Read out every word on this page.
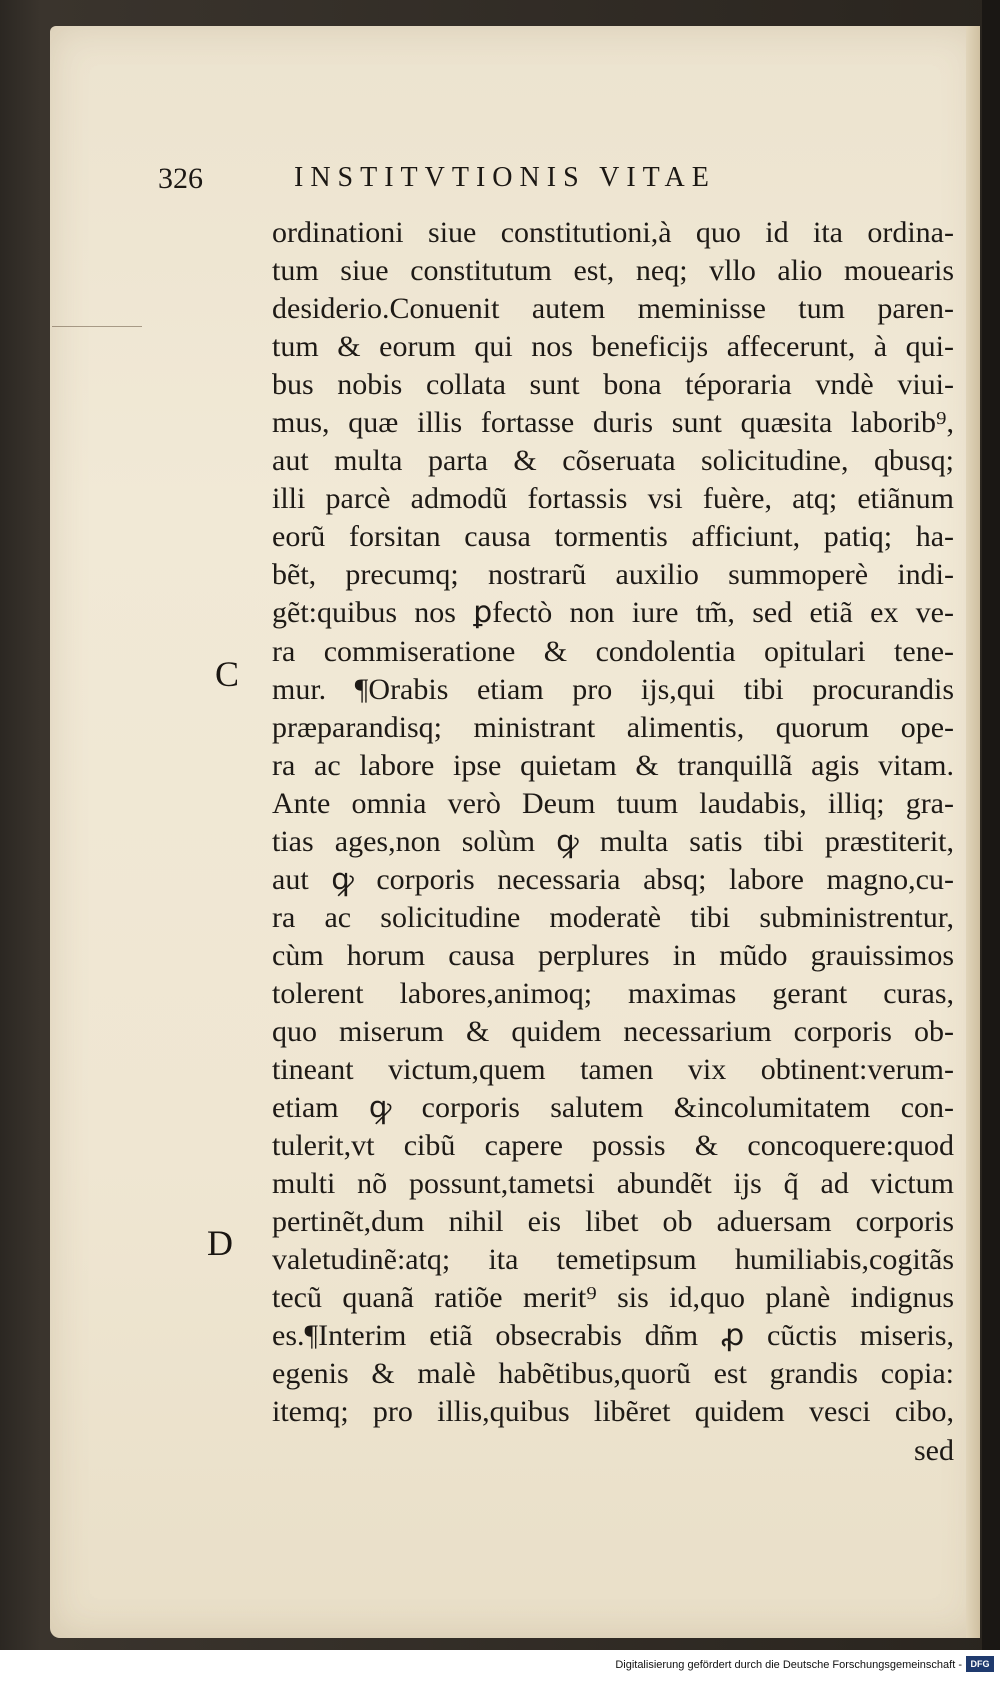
326	INSTITVTIONIS VITAE
C
D
ordinationi siue constitutioni,à quo id ita ordina-
tum siue constitutum est, neq; vllo alio mouearis
desiderio.Conuenit autem meminisse tum paren-
tum & eorum qui nos beneficijs affecerunt, à qui-
bus nobis collata sunt bona téporaria vndè viui-
mus, quæ illis fortasse duris sunt quæsita laborib⁹,
aut multa parta & cõseruata solicitudine, qbusq;
illi parcè admodũ fortassis vsi fuère, atq; etiãnum
eorũ forsitan causa tormentis afficiunt, patiq; ha-
bẽt, precumq; nostrarũ auxilio summoperè indi-
gẽt:quibus nos ꝑfectò non iure tm̃, sed etiã ex ve-
ra commiseratione & condolentia opitulari tene-
mur. ¶Orabis etiam pro ijs,qui tibi procurandis
præparandisq; ministrant alimentis, quorum ope-
ra ac labore ipse quietam & tranquillã agis vitam.
Ante omnia verò Deum tuum laudabis, illiq; gra-
tias ages,non solùm ꝙ multa satis tibi præstiterit,
aut ꝙ corporis necessaria absq; labore magno,cu-
ra ac solicitudine moderatè tibi subministrentur,
cùm horum causa perplures in mũdo grauissimos
tolerent labores,animoq; maximas gerant curas,
quo miserum & quidem necessarium corporis ob-
tineant victum,quem tamen vix obtinent:verum-
etiam ꝙ corporis salutem &incolumitatem con-
tulerit,vt cibũ capere possis & concoquere:quod
multi nõ possunt,tametsi abundẽt ijs q̃ ad victum
pertinẽt,dum nihil eis libet ob aduersam corporis
valetudinẽ:atq; ita temetipsum humiliabis,cogitãs
tecũ quanã ratiõe merit⁹ sis id,quo planè indignus
es.¶Interim etiã obsecrabis dñm ꝓ cũctis miseris,
egenis & malè habẽtibus,quorũ est grandis copia:
itemq; pro illis,quibus libẽret quidem vesci cibo,
sed
Digitalisierung gefördert durch die Deutsche Forschungsgemeinschaft - DFG
